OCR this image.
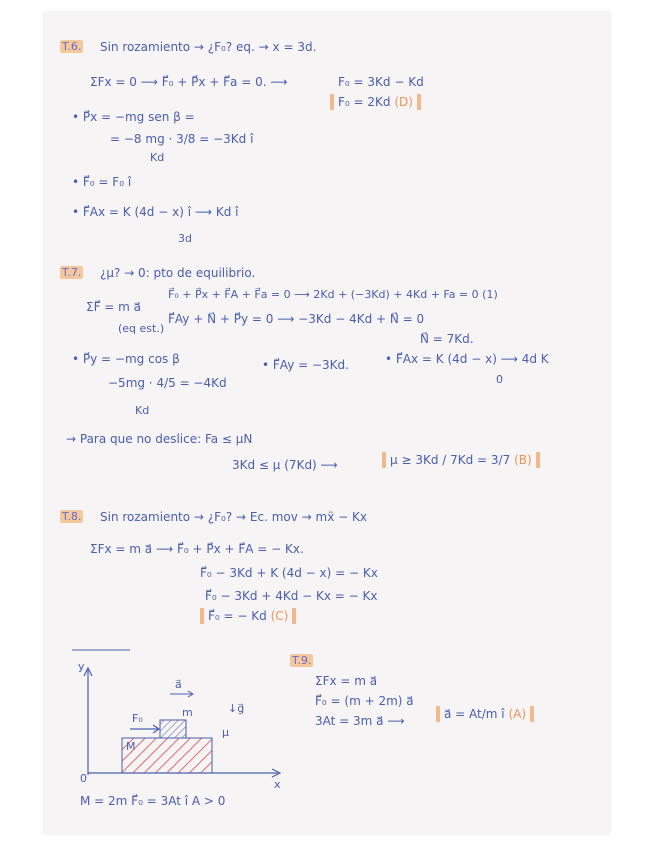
T.6. Sin rozamiento → ¿F₀? eq. → x = 3d.
ΣFx = 0 ⟶ F⃗₀ + P⃗x + F⃗a = 0. ⟶	F₀ = 3Kd − Kd
F₀ = 2Kd (D)
• P⃗x = −mg sen β =
= −8 mg · 3/8 = −3Kd î
Kd
• F⃗₀ = F₀ î
• F⃗Ax = K (4d − x) î ⟶ Kd î
3d
T.7. ¿μ? → 0: pto de equilibrio.
ΣF⃗ = m a⃗
(eq est.)
F⃗₀ + P⃗x + F⃗A + F⃗a = 0 ⟶ 2Kd + (−3Kd) + 4Kd + Fa = 0 (1)
F⃗Ay + N⃗ + P⃗y = 0 ⟶ −3Kd − 4Kd + N⃗ = 0
N⃗ = 7Kd.
• P⃗y = −mg cos β
−5mg · 4/5 = −4Kd
Kd
• F⃗Ay = −3Kd.	• F⃗Ax = K (4d − x) ⟶ 4d K
0
→ Para que no deslice: Fa ≤ μN
3Kd ≤ μ (7Kd) ⟶	μ ≥ 3Kd / 7Kd = 3/7 (B)
T.8. Sin rozamiento → ¿F₀? → Ec. mov → mẍ − Kx
ΣFx = m a⃗ ⟶ F⃗₀ + P⃗x + F⃗A = − Kx.
F⃗₀ − 3Kd + K (4d − x) = − Kx
F⃗₀ − 3Kd + 4Kd − Kx = − Kx
F⃗₀ = − Kd (C)
T.9.
ΣFx = m a⃗
F⃗₀ = (m + 2m) a⃗
3At = 3m a⃗ ⟶	a⃗ = At/m î (A)
y
x
0
a⃗
m	↓g⃗
F₀
μ
M
M = 2m F⃗₀ = 3At î A > 0
